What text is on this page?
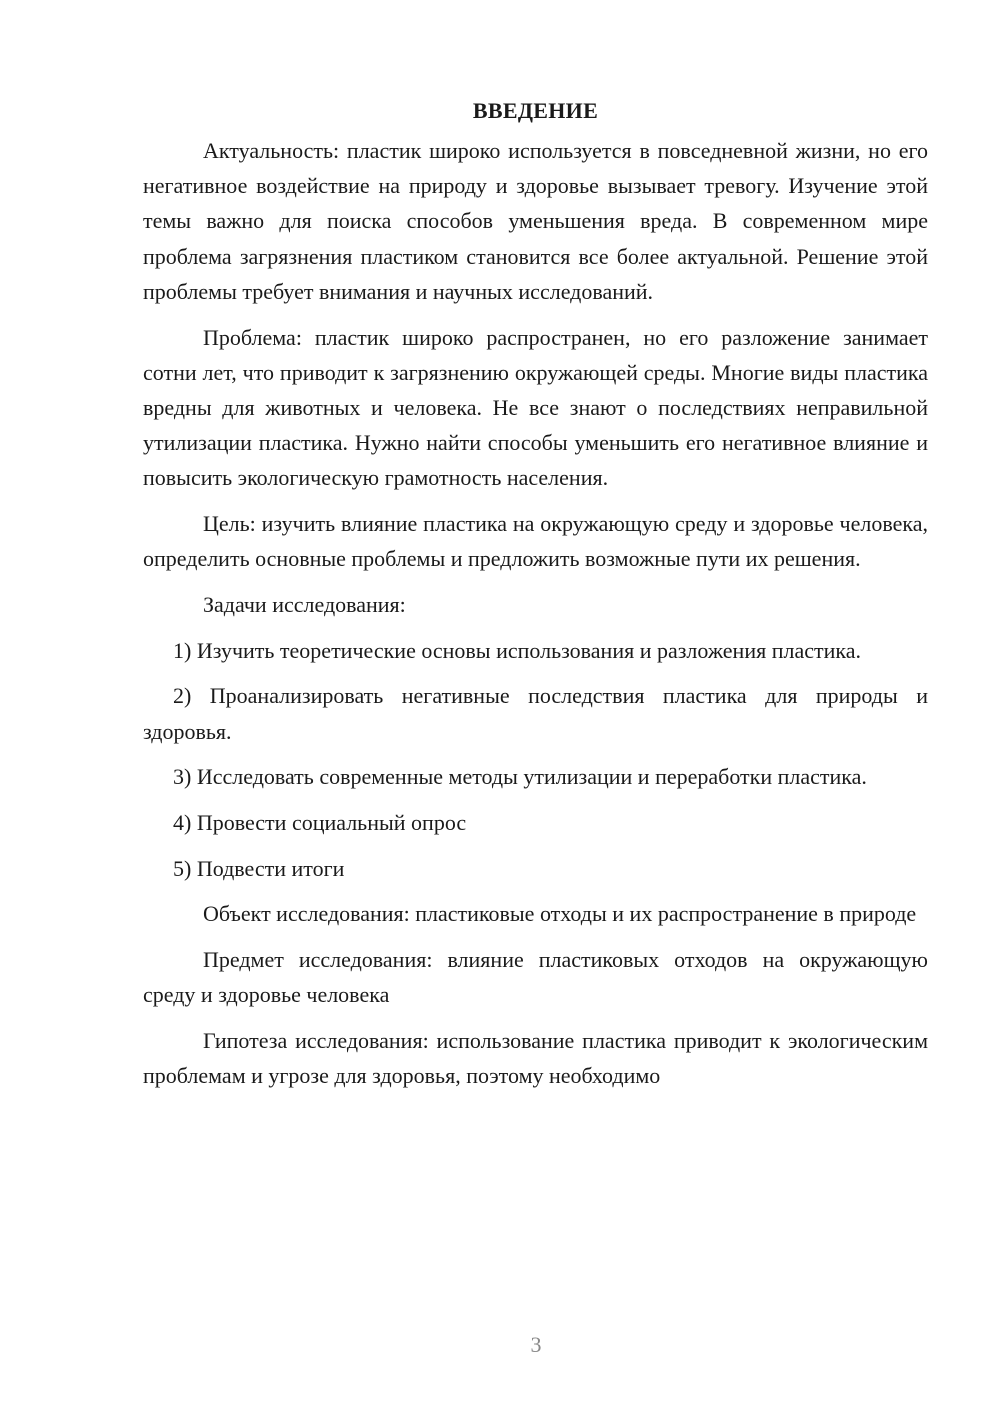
ВВЕДЕНИЕ

Актуальность: пластик широко используется в повседневной жизни, но его негативное воздействие на природу и здоровье вызывает тревогу. Изучение этой темы важно для поиска способов уменьшения вреда. В современном мире проблема загрязнения пластиком становится все более актуальной. Решение этой проблемы требует внимания и научных исследований.

Проблема: пластик широко распространен, но его разложение занимает сотни лет, что приводит к загрязнению окружающей среды. Многие виды пластика вредны для животных и человека. Не все знают о последствиях неправильной утилизации пластика. Нужно найти способы уменьшить его негативное влияние и повысить экологическую грамотность населения.

Цель: изучить влияние пластика на окружающую среду и здоровье человека, определить основные проблемы и предложить возможные пути их решения.

Задачи исследования:

1) Изучить теоретические основы использования и разложения пластика.

2) Проанализировать негативные последствия пластика для природы и здоровья.

3) Исследовать современные методы утилизации и переработки пластика.

4) Провести социальный опрос

5) Подвести итоги

Объект исследования: пластиковые отходы и их распространение в природе

Предмет исследования: влияние пластиковых отходов на окружающую среду и здоровье человека

Гипотеза исследования: использование пластика приводит к экологическим проблемам и угрозе для здоровья, поэтому необходимо

3
